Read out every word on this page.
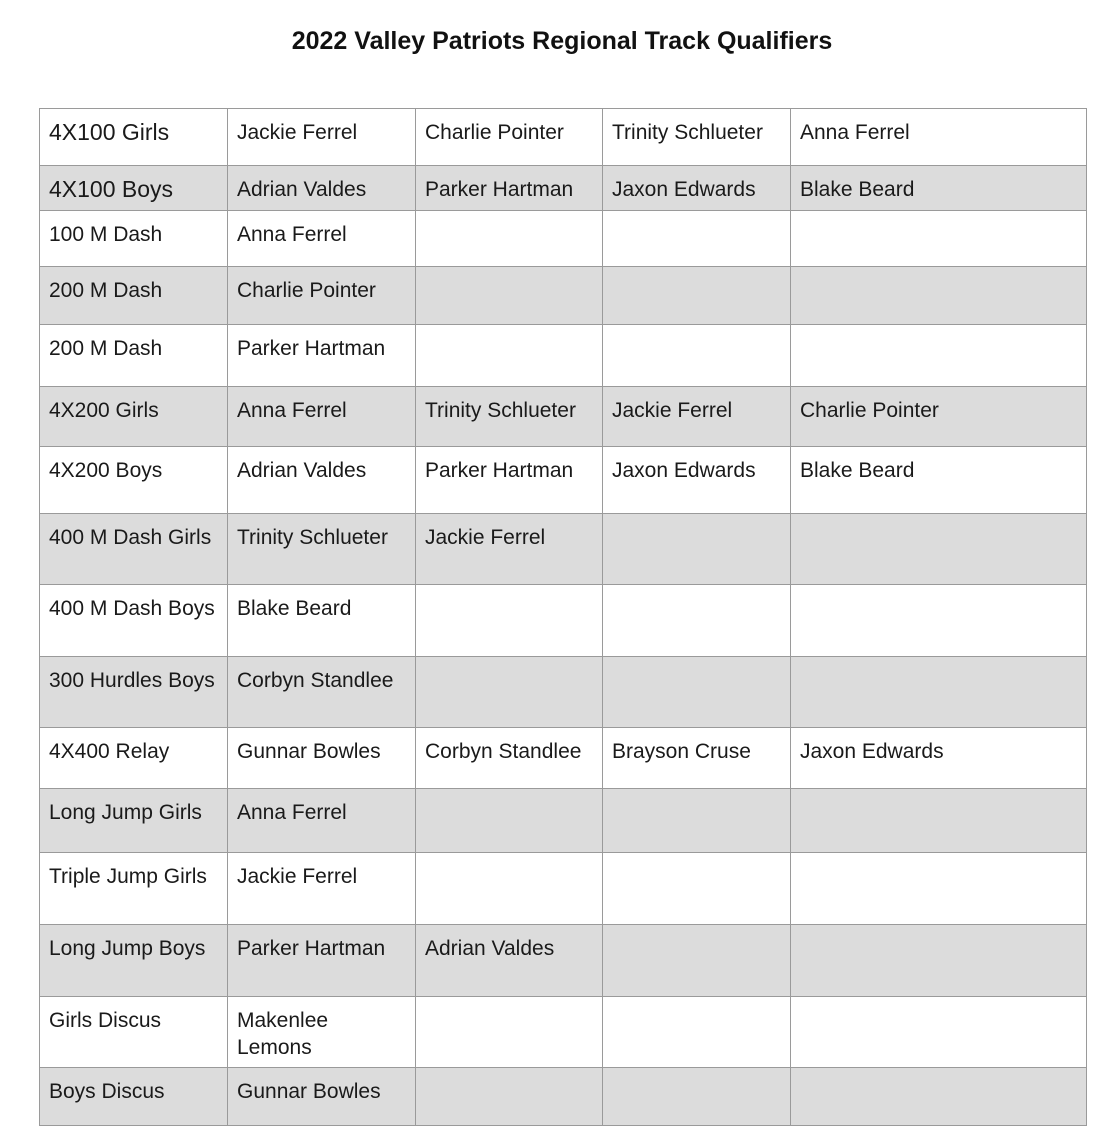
2022 Valley Patriots Regional Track Qualifiers
4X100 Girls	Jackie Ferrel	Charlie Pointer	Trinity Schlueter	Anna Ferrel
4X100 Boys	Adrian Valdes	Parker Hartman	Jaxon Edwards	Blake Beard
100 M Dash	Anna Ferrel			
200 M Dash	Charlie Pointer			
200 M Dash	Parker Hartman			
4X200 Girls	Anna Ferrel	Trinity Schlueter	Jackie Ferrel	Charlie Pointer
4X200 Boys	Adrian Valdes	Parker Hartman	Jaxon Edwards	Blake Beard
400 M Dash Girls	Trinity Schlueter	Jackie Ferrel		
400 M Dash Boys	Blake Beard			
300 Hurdles Boys	Corbyn Standlee			
4X400 Relay	Gunnar Bowles	Corbyn Standlee	Brayson Cruse	Jaxon Edwards
Long Jump Girls	Anna Ferrel			
Triple Jump Girls	Jackie Ferrel			
Long Jump Boys	Parker Hartman	Adrian Valdes		
Girls Discus	Makenlee Lemons			
Boys Discus	Gunnar Bowles			
